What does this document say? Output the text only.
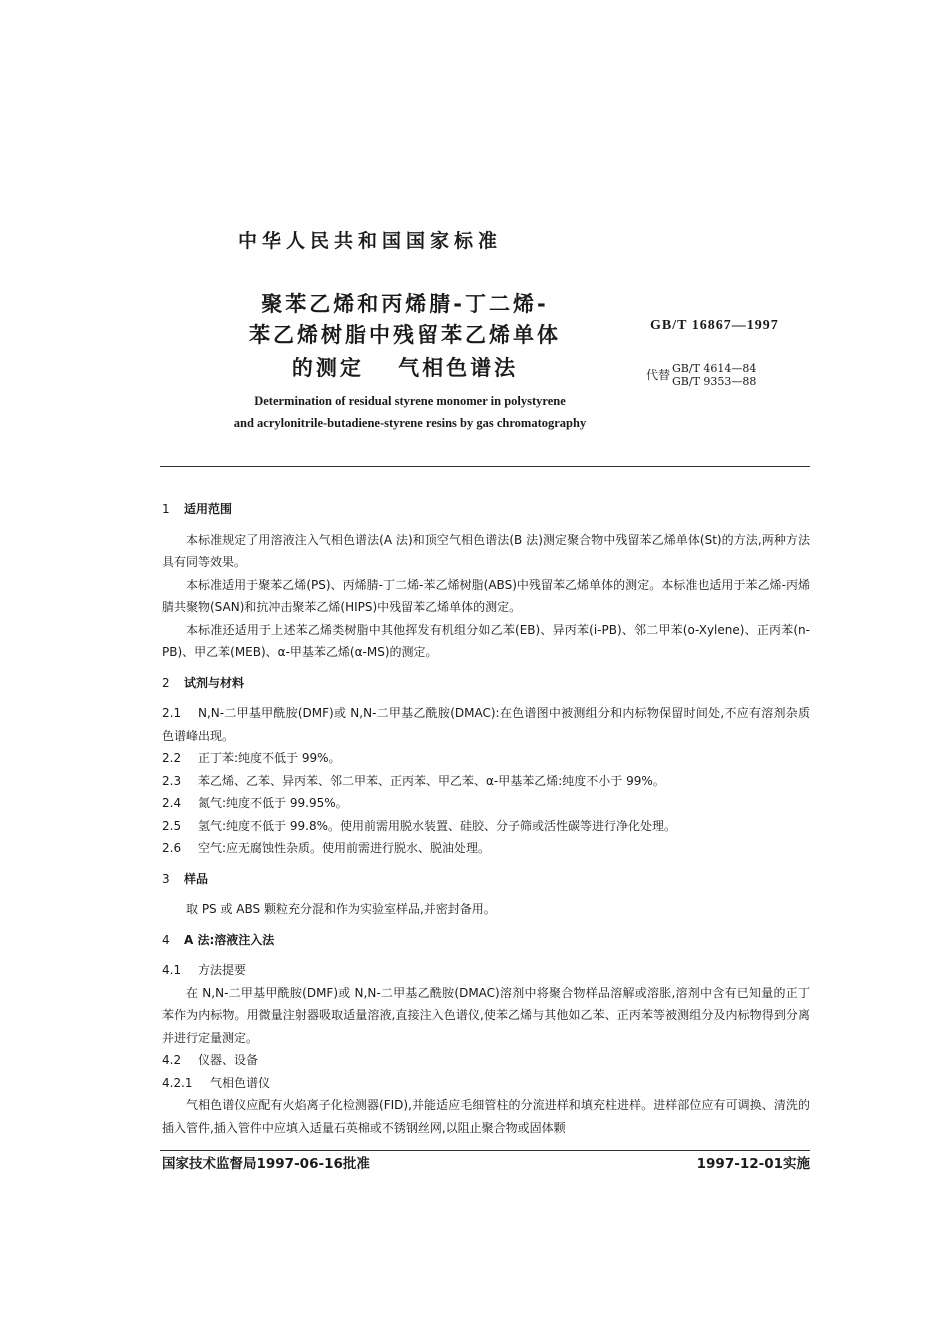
中华人民共和国国家标准
聚苯乙烯和丙烯腈-丁二烯-
苯乙烯树脂中残留苯乙烯单体
的测定　 气相色谱法
GB/T 16867—1997
代替 GB/T 4614—84
GB/T 9353—88
Determination of residual styrene monomer in polystyrene
and acrylonitrile-butadiene-styrene resins by gas chromatography

1 适用范围

本标准规定了用溶液注入气相色谱法(A 法)和顶空气相色谱法(B 法)测定聚合物中残留苯乙烯单体(St)的方法,两种方法具有同等效果。

本标准适用于聚苯乙烯(PS)、丙烯腈-丁二烯-苯乙烯树脂(ABS)中残留苯乙烯单体的测定。本标准也适用于苯乙烯-丙烯腈共聚物(SAN)和抗冲击聚苯乙烯(HIPS)中残留苯乙烯单体的测定。

本标准还适用于上述苯乙烯类树脂中其他挥发有机组分如乙苯(EB)、异丙苯(i-PB)、邻二甲苯(o-Xylene)、正丙苯(n-PB)、甲乙苯(MEB)、α-甲基苯乙烯(α-MS)的测定。

2 试剂与材料

2.1 N,N-二甲基甲酰胺(DMF)或 N,N-二甲基乙酰胺(DMAC):在色谱图中被测组分和内标物保留时间处,不应有溶剂杂质色谱峰出现。

2.2 正丁苯:纯度不低于 99%。

2.3 苯乙烯、乙苯、异丙苯、邻二甲苯、正丙苯、甲乙苯、α-甲基苯乙烯:纯度不小于 99%。

2.4 氮气:纯度不低于 99.95%。

2.5 氢气:纯度不低于 99.8%。使用前需用脱水装置、硅胶、分子筛或活性碳等进行净化处理。

2.6 空气:应无腐蚀性杂质。使用前需进行脱水、脱油处理。

3 样品

取 PS 或 ABS 颗粒充分混和作为实验室样品,并密封备用。

4 A 法:溶液注入法

4.1 方法提要

在 N,N-二甲基甲酰胺(DMF)或 N,N-二甲基乙酰胺(DMAC)溶剂中将聚合物样品溶解或溶胀,溶剂中含有已知量的正丁苯作为内标物。用微量注射器吸取适量溶液,直接注入色谱仪,使苯乙烯与其他如乙苯、正丙苯等被测组分及内标物得到分离并进行定量测定。

4.2 仪器、设备

4.2.1 气相色谱仪

气相色谱仪应配有火焰离子化检测器(FID),并能适应毛细管柱的分流进样和填充柱进样。进样部位应有可调换、清洗的插入管件,插入管件中应填入适量石英棉或不锈钢丝网,以阻止聚合物或固体颗

国家技术监督局1997-06-16批准	1997-12-01实施
